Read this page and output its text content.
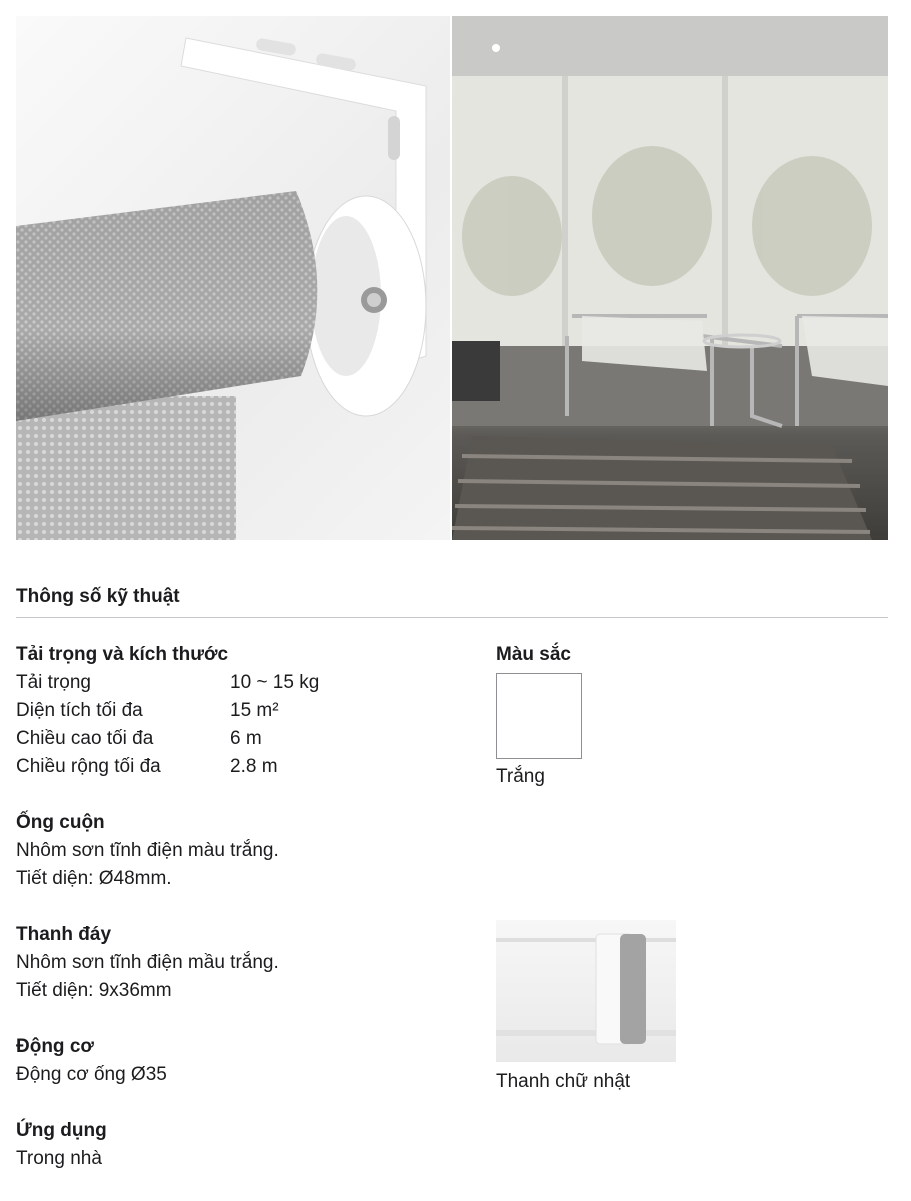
Thông số kỹ thuật
Tải trọng và kích thước
Tải trọng	10 ~ 15 kg
Diện tích tối đa	15 m²
Chiều cao tối đa	6 m
Chiều rộng tối đa	2.8 m
Ống cuộn

Nhôm sơn tĩnh điện màu trắng.

Tiết diện: Ø48mm.

Thanh đáy

Nhôm sơn tĩnh điện mầu trắng.

Tiết diện: 9x36mm

Động cơ

Động cơ ống Ø35

Ứng dụng

Trong nhà

Màu sắc

Trắng

Thanh chữ nhật
